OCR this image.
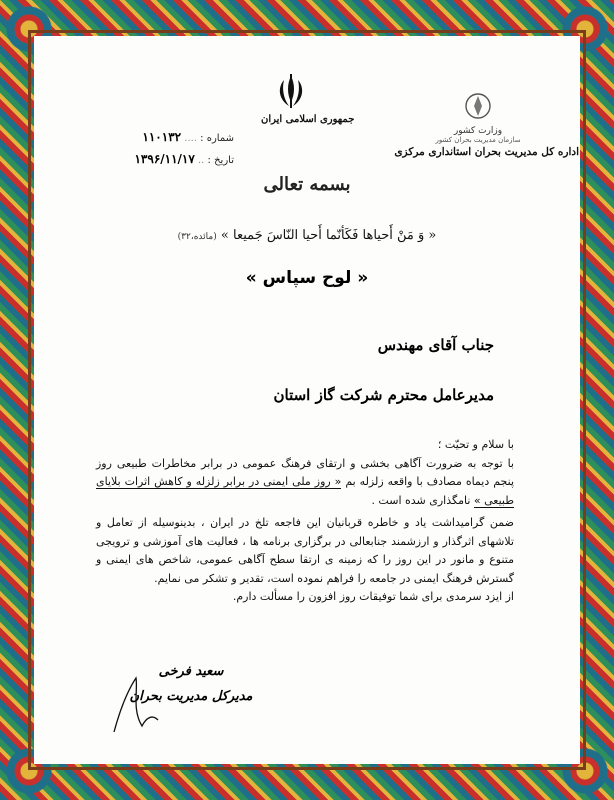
جمهوری اسلامی ایران
وزارت کشور
سازمان مدیریت بحران کشور
اداره کل مدیریت بحران استانداری مرکزی
شماره : .... ۱۱۰۱۳۲
تاریخ : .. ۱۳۹۶/۱۱/۱۷
بسمه تعالی
« وَ مَنْ أَحیاها فَکَأنّما أَحیا النّاسَ جَمیعا » (مائده،۳۲)
« لوح سپاس »
جناب آقای مهندس
مدیرعامل محترم شرکت گاز استان

با سلام و تحیّت ؛

با توجه به ضرورت آگاهی بخشی و ارتقای فرهنگ عمومی در برابر مخاطرات طبیعی روز پنجم دیماه مصادف با واقعه زلزله بم « روز ملی ایمنی در برابر زلزله و کاهش اثرات بلایای طبیعی » نامگذاری شده است .

ضمن گرامیداشت یاد و خاطره قربانیان این فاجعه تلخ در ایران ، بدینوسیله از تعامل و تلاشهای اثرگذار و ارزشمند جنابعالی در برگزاری برنامه ها ، فعالیت های آموزشی و ترویجی متنوع و مانور در این روز را که زمینه ی ارتقا سطح آگاهی عمومی، شاخص های ایمنی و گسترش فرهنگ ایمنی در جامعه را فراهم نموده است، تقدیر و تشکر می نمایم.

از ایزد سرمدی برای شما توفیقات روز افزون را مسألت دارم.

سعید فرخی
مدیرکل مدیریت بحران
